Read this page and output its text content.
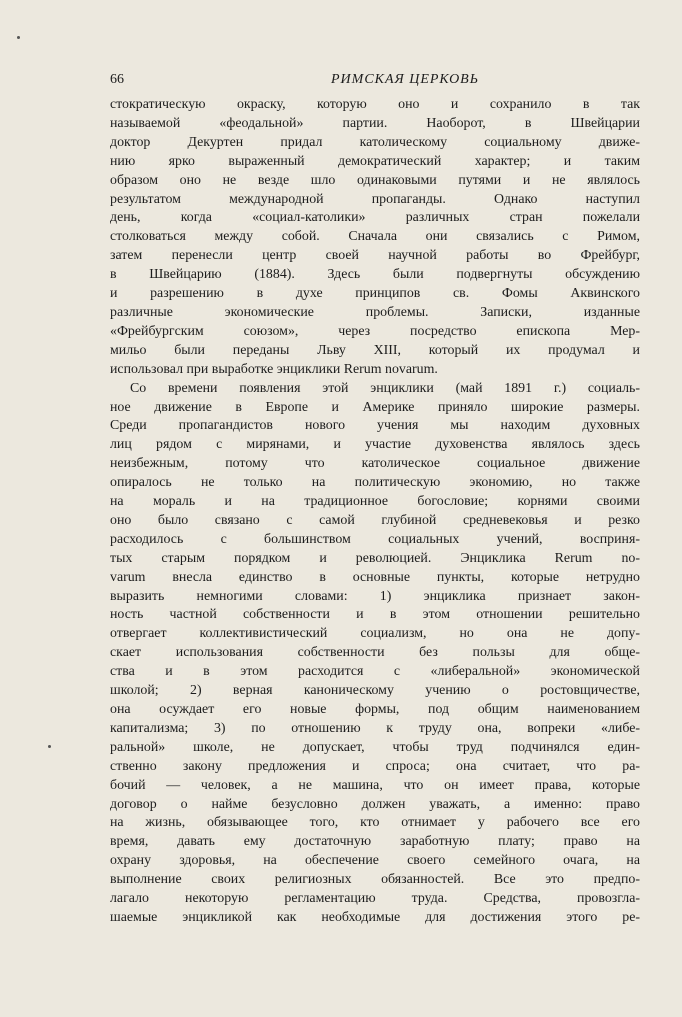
66	РИМСКАЯ ЦЕРКОВЬ
стократическую окраску, которую оно и сохранило в так
называемой «феодальной» партии. Наоборот, в Швейцарии
доктор Декуртен придал католическому социальному движе-
нию ярко выраженный демократический характер; и таким
образом оно не везде шло одинаковыми путями и не являлось
результатом международной пропаганды. Однако наступил
день, когда «социал-католики» различных стран пожелали
столковаться между собой. Сначала они связались с Римом,
затем перенесли центр своей научной работы во Фрейбург,
в Швейцарию (1884). Здесь были подвергнуты обсуждению
и разрешению в духе принципов св. Фомы Аквинского
различные экономические проблемы. Записки, изданные
«Фрейбургским союзом», через посредство епископа Мер-
мильо были переданы Льву XIII, который их продумал и
использовал при выработке энциклики Rerum novarum.
Со времени появления этой энциклики (май 1891 г.) социаль-
ное движение в Европе и Америке приняло широкие размеры.
Среди пропагандистов нового учения мы находим духовных
лиц рядом с мирянами, и участие духовенства являлось здесь
неизбежным, потому что католическое социальное движение
опиралось не только на политическую экономию, но также
на мораль и на традиционное богословие; корнями своими
оно было связано с самой глубиной средневековья и резко
расходилось с большинством социальных учений, восприня-
тых старым порядком и революцией. Энциклика Rerum no-
varum внесла единство в основные пункты, которые нетрудно
выразить немногими словами: 1) энциклика признает закон-
ность частной собственности и в этом отношении решительно
отвергает коллективистический социализм, но она не допу-
скает использования собственности без пользы для обще-
ства и в этом расходится с «либеральной» экономической
школой; 2) верная каноническому учению о ростовщичестве,
она осуждает его новые формы, под общим наименованием
капитализма; 3) по отношению к труду она, вопреки «либе-
ральной» школе, не допускает, чтобы труд подчинялся един-
ственно закону предложения и спроса; она считает, что ра-
бочий — человек, а не машина, что он имеет права, которые
договор о найме безусловно должен уважать, а именно: право
на жизнь, обязывающее того, кто отнимает у рабочего все его
время, давать ему достаточную заработную плату; право на
охрану здоровья, на обеспечение своего семейного очага, на
выполнение своих религиозных обязанностей. Все это предпо-
лагало некоторую регламентацию труда. Средства, провозгла-
шаемые энцикликой как необходимые для достижения этого ре-
